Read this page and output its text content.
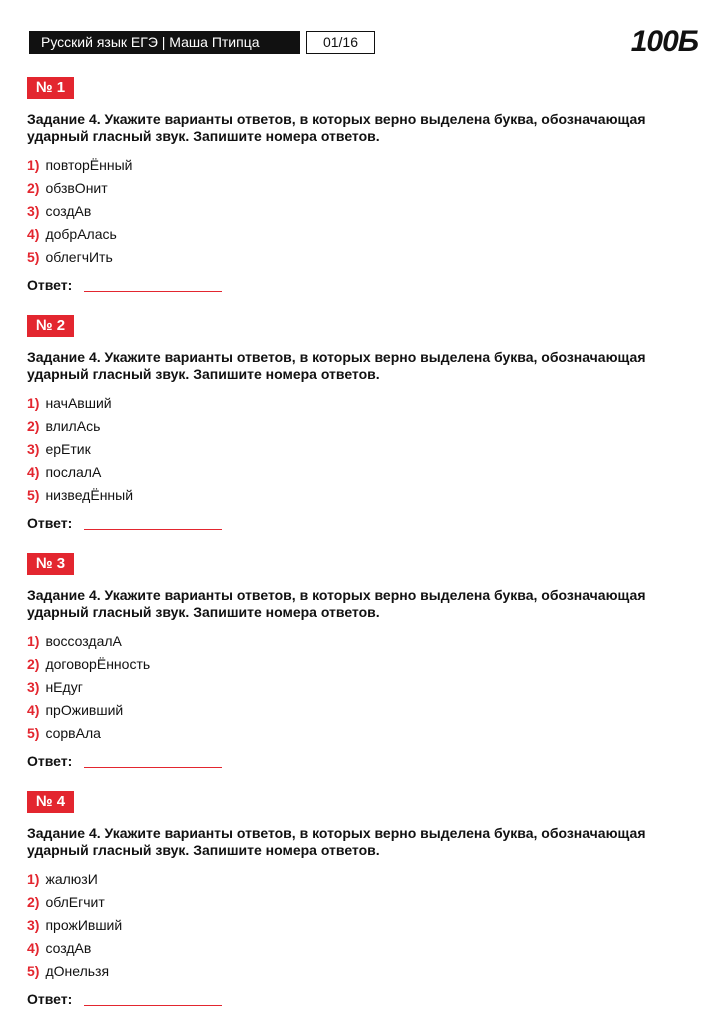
Русский язык ЕГЭ | Маша Птипца	01/16	100Б
№ 1
Задание 4. Укажите варианты ответов, в которых верно выделена буква, обозначающая ударный гласный звук. Запишите номера ответов.
1) повторЁнный
2) обзвОнит
3) создАв
4) добрАлась
5) облегчИть
Ответ:
№ 2
Задание 4. Укажите варианты ответов, в которых верно выделена буква, обозначающая ударный гласный звук. Запишите номера ответов.
1) начАвший
2) влилАсь
3) ерЕтик
4) послалА
5) низведЁнный
Ответ:
№ 3
Задание 4. Укажите варианты ответов, в которых верно выделена буква, обозначающая ударный гласный звук. Запишите номера ответов.
1) воссоздалА
2) договорЁнность
3) нЕдуг
4) прОживший
5) сорвАла
Ответ:
№ 4
Задание 4. Укажите варианты ответов, в которых верно выделена буква, обозначающая ударный гласный звук. Запишите номера ответов.
1) жалюзИ
2) облЕгчит
3) прожИвший
4) создАв
5) дОнельзя
Ответ:
